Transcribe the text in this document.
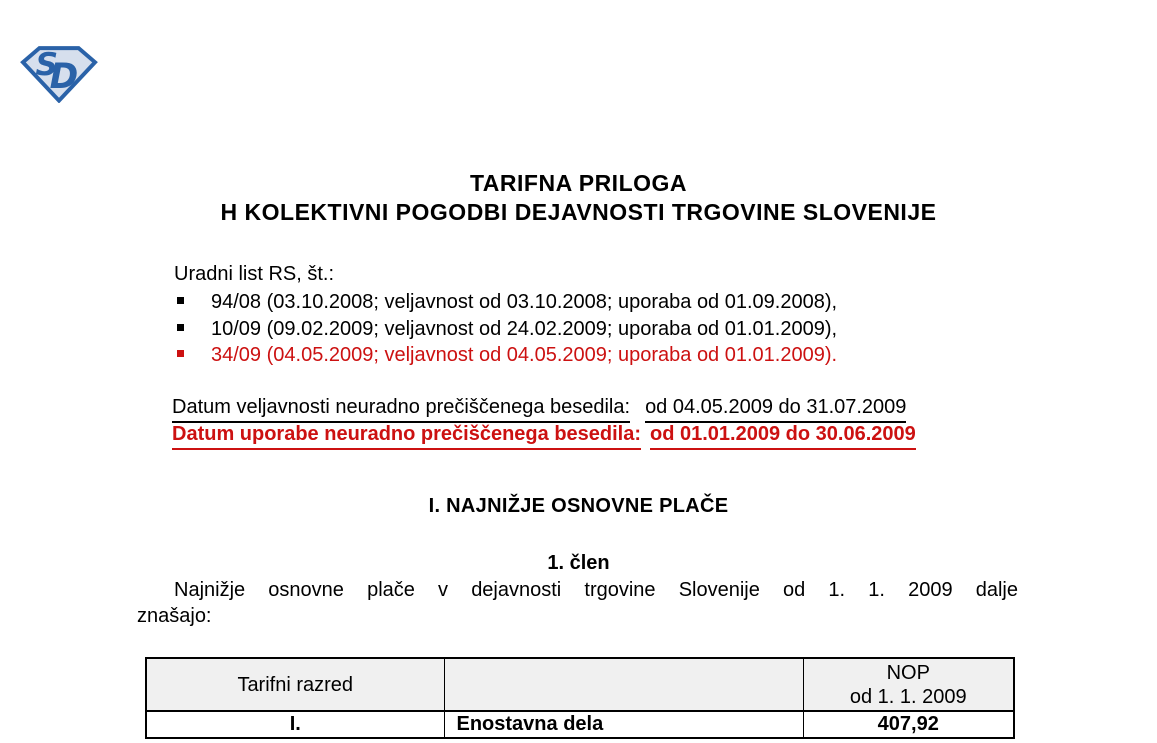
S
D
TARIFNA PRILOGA
H KOLEKTIVNI POGODBI DEJAVNOSTI TRGOVINE SLOVENIJE
Uradni list RS, št.:
94/08 (03.10.2008; veljavnost od 03.10.2008; uporaba od 01.09.2008),
10/09 (09.02.2009; veljavnost od 24.02.2009; uporaba od 01.01.2009),
34/09 (04.05.2009; veljavnost od 04.05.2009; uporaba od 01.01.2009).
Datum veljavnosti neuradno prečiščenega besedila: od 04.05.2009 do 31.07.2009
Datum uporabe neuradno prečiščenega besedila: od 01.01.2009 do 30.06.2009
I. NAJNIŽJE OSNOVNE PLAČE
1. člen
Najnižje osnovne plače v dejavnosti trgovine Slovenije od 1. 1. 2009 dalje
znašajo:
Tarifni razred		NOP
od 1. 1. 2009

I.	Enostavna dela	407,92
